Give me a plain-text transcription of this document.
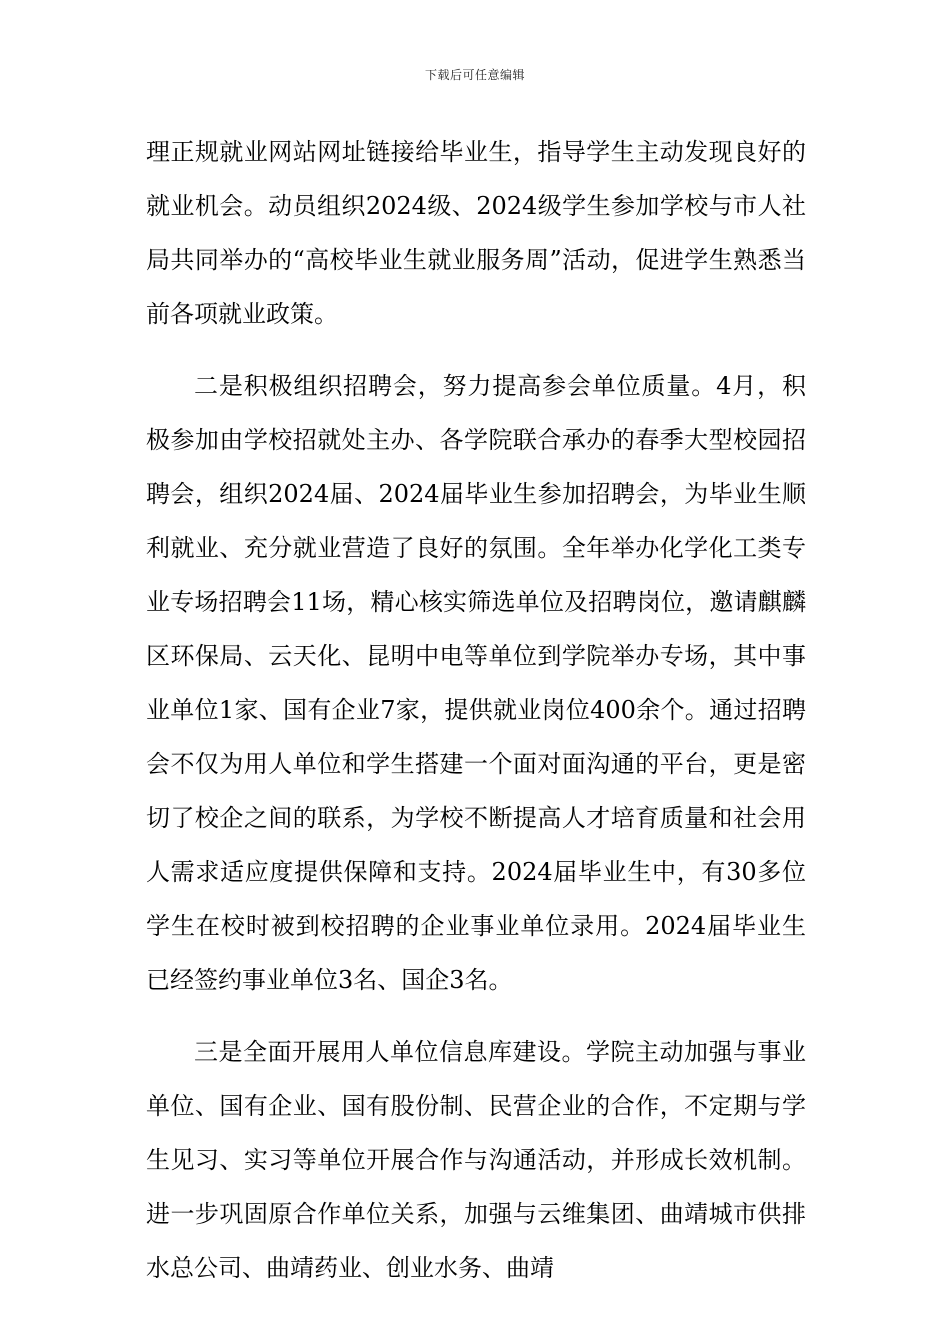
下载后可任意编辑

理正规就业网站网址链接给毕业生，指导学生主动发现良好的就业机会。动员组织2024级、2024级学生参加学校与市人社局共同举办的“高校毕业生就业服务周”活动，促进学生熟悉当前各项就业政策。

二是积极组织招聘会，努力提高参会单位质量。4月，积极参加由学校招就处主办、各学院联合承办的春季大型校园招聘会，组织2024届、2024届毕业生参加招聘会，为毕业生顺利就业、充分就业营造了良好的氛围。全年举办化学化工类专业专场招聘会11场，精心核实筛选单位及招聘岗位，邀请麒麟区环保局、云天化、昆明中电等单位到学院举办专场，其中事业单位1家、国有企业7家，提供就业岗位400余个。通过招聘会不仅为用人单位和学生搭建一个面对面沟通的平台，更是密切了校企之间的联系，为学校不断提高人才培育质量和社会用人需求适应度提供保障和支持。2024届毕业生中，有30多位学生在校时被到校招聘的企业事业单位录用。2024届毕业生已经签约事业单位3名、国企3名。

三是全面开展用人单位信息库建设。学院主动加强与事业单位、国有企业、国有股份制、民营企业的合作，不定期与学生见习、实习等单位开展合作与沟通活动，并形成长效机制。进一步巩固原合作单位关系，加强与云维集团、曲靖城市供排水总公司、曲靖药业、创业水务、曲靖
